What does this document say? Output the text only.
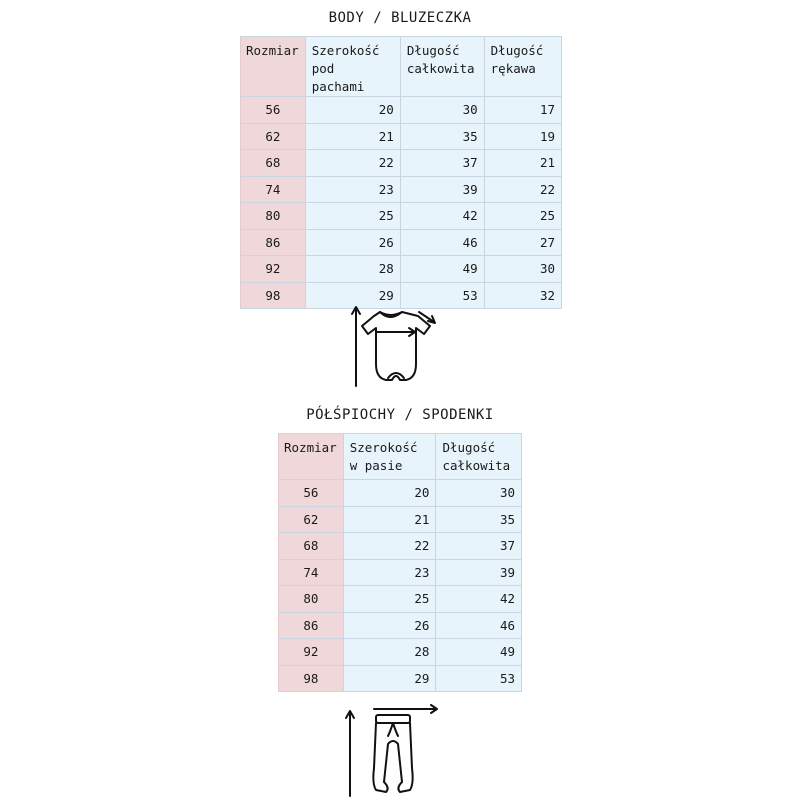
BODY / BLUZECZKA
Rozmiar	Szerokość pod pachami	Długość całkowita	Długość rękawa
56	20	30	17
62	21	35	19
68	22	37	21
74	23	39	22
80	25	42	25
86	26	46	27
92	28	49	30
98	29	53	32
PÓŁŚPIOCHY / SPODENKI
Rozmiar	Szerokość w pasie	Długość całkowita
56	20	30
62	21	35
68	22	37
74	23	39
80	25	42
86	26	46
92	28	49
98	29	53
